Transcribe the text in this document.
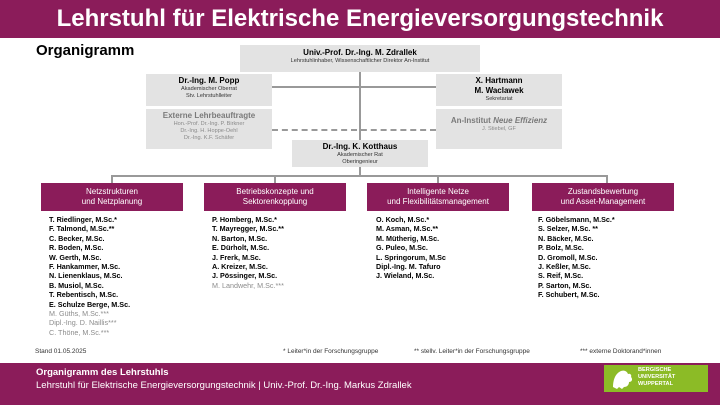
Lehrstuhl für Elektrische Energieversorgungstechnik
Organigramm	Univ.-Prof. Dr.-Ing. M. Zdrallek
Lehrstuhlinhaber, Wissenschaftlicher Direktor An-Institut
Dr.-Ing. M. Popp
Akademischer Oberrat
Stv. Lehrstuhlleiter
X. Hartmann
M. Waclawek
Sekretariat
Externe Lehrbeauftragte
Hon.-Prof. Dr.-Ing. P. Birkner
Dr.-Ing. H. Hoppe-Oehl
Dr.-Ing. K.F. Schäfer
An-Institut Neue Effizienz
J. Stiebel, GF
Dr.-Ing. K. Kotthaus
Akademischer Rat
Oberingenieur
Netzstrukturen
und Netzplanung
Betriebskonzepte und
Sektorenkopplung
Intelligente Netze
und Flexibilitätsmanagement
Zustandsbewertung
und Asset-Management
T. Riedlinger, M.Sc.*
F. Talmond, M.Sc.**
C. Becker, M.Sc.
R. Boden, M.Sc.
W. Gerth, M.Sc.
F. Hankammer, M.Sc.
N. Lienenklaus, M.Sc.
B. Musiol, M.Sc.
T. Rebentisch, M.Sc.
E. Schulze Berge, M.Sc.
M. Güths, M.Sc.***
Dipl.-Ing. D. Naillis***
C. Thöne, M.Sc.***
P. Homberg, M.Sc.*
T. Mayregger, M.Sc.**
N. Barton, M.Sc.
E. Dürholt, M.Sc.
J. Frerk, M.Sc.
A. Kreizer, M.Sc.
J. Pössinger, M.Sc.
M. Landwehr, M.Sc.***
O. Koch, M.Sc.*
M. Asman, M.Sc.**
M. Mütherig, M.Sc.
G. Puleo, M.Sc.
L. Springorum, M.Sc
Dipl.-Ing. M. Tafuro
J. Wieland, M.Sc.
F. Göbelsmann, M.Sc.*
S. Selzer, M.Sc. **
N. Bäcker, M.Sc.
P. Bolz, M.Sc.
D. Gromoll, M.Sc.
J. Keßler, M.Sc.
S. Reif, M.Sc.
P. Sarton, M.Sc.
F. Schubert, M.Sc.
Stand 01.05.2025	* Leiter*in der Forschungsgruppe	** stellv. Leiter*in der Forschungsgruppe	*** externe Doktorand*innen
Organigramm des Lehrstuhls
Lehrstuhl für Elektrische Energieversorgungstechnik | Univ.-Prof. Dr.-Ing. Markus Zdrallek
BERGISCHE
UNIVERSITÄT
WUPPERTAL
